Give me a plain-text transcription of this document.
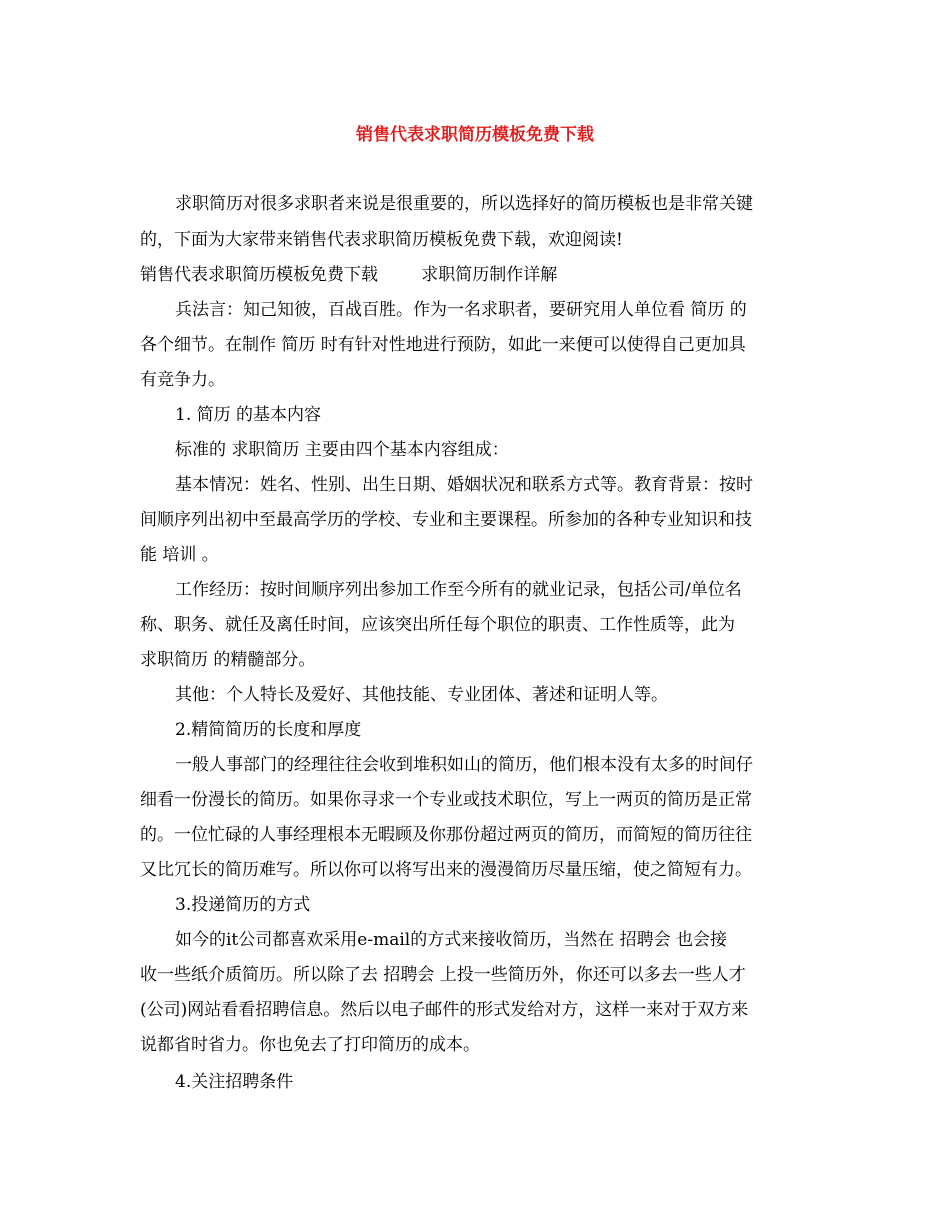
销售代表求职简历模板免费下载
求职简历对很多求职者来说是很重要的，所以选择好的简历模板也是非常关键
的，下面为大家带来销售代表求职简历模板免费下载，欢迎阅读!
销售代表求职简历模板免费下载        求职简历制作详解
兵法言：知己知彼，百战百胜。作为一名求职者，要研究用人单位看 简历 的
各个细节。在制作 简历 时有针对性地进行预防，如此一来便可以使得自己更加具
有竞争力。
1. 简历 的基本内容
标准的 求职简历 主要由四个基本内容组成：
基本情况：姓名、性别、出生日期、婚姻状况和联系方式等。教育背景：按时
间顺序列出初中至最高学历的学校、专业和主要课程。所参加的各种专业知识和技
能 培训 。
工作经历：按时间顺序列出参加工作至今所有的就业记录，包括公司/单位名
称、职务、就任及离任时间，应该突出所任每个职位的职责、工作性质等，此为
求职简历 的精髓部分。
其他：个人特长及爱好、其他技能、专业团体、著述和证明人等。
2.精简简历的长度和厚度
一般人事部门的经理往往会收到堆积如山的简历，他们根本没有太多的时间仔
细看一份漫长的简历。如果你寻求一个专业或技术职位，写上一两页的简历是正常
的。一位忙碌的人事经理根本无暇顾及你那份超过两页的简历，而简短的简历往往
又比冗长的简历难写。所以你可以将写出来的漫漫简历尽量压缩，使之简短有力。
3.投递简历的方式
如今的it公司都喜欢采用e-mail的方式来接收简历，当然在 招聘会 也会接
收一些纸介质简历。所以除了去 招聘会 上投一些简历外，你还可以多去一些人才
(公司)网站看看招聘信息。然后以电子邮件的形式发给对方，这样一来对于双方来
说都省时省力。你也免去了打印简历的成本。
4.关注招聘条件
